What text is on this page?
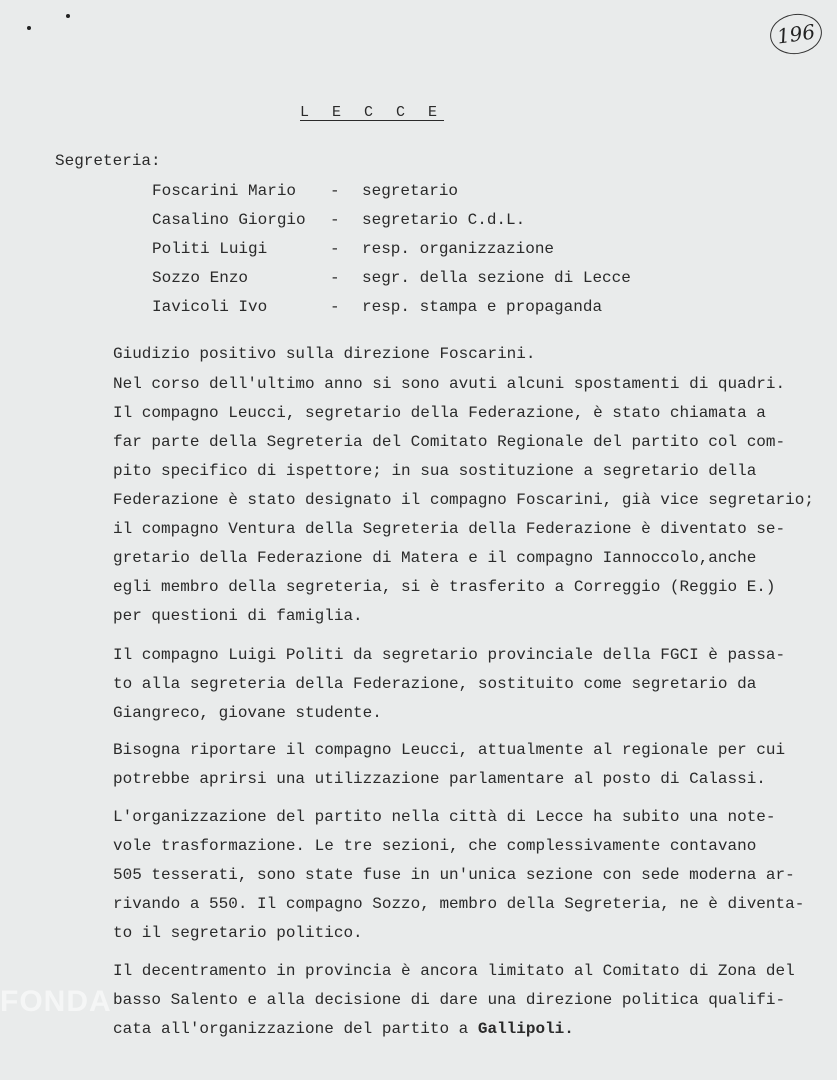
196
L E C C E
Segreteria:
Foscarini Mario - segretario
Casalino Giorgio - segretario C.d.L.
Politi Luigi	- resp. organizzazione
Sozzo Enzo	- segr. della sezione di Lecce
Iavicoli Ivo	- resp. stampa e propaganda
Giudizio positivo sulla direzione Foscarini.
Nel corso dell'ultimo anno si sono avuti alcuni spostamenti di quadri.
Il compagno Leucci, segretario della Federazione, è stato chiamata a
far parte della Segreteria del Comitato Regionale del partito col com-
pito specifico di ispettore; in sua sostituzione a segretario della
Federazione è stato designato il compagno Foscarini, già vice segretario;
il compagno Ventura della Segreteria della Federazione è diventato se-
gretario della Federazione di Matera e il compagno Iannoccolo,anche
egli membro della segreteria, si è trasferito a Correggio (Reggio E.)
per questioni di famiglia.
Il compagno Luigi Politi da segretario provinciale della FGCI è passa-
to alla segreteria della Federazione, sostituito come segretario da
Giangreco, giovane studente.
Bisogna riportare il compagno Leucci, attualmente al regionale per cui
potrebbe aprirsi una utilizzazione parlamentare al posto di Calassi.
L'organizzazione del partito nella città di Lecce ha subito una note-
vole trasformazione. Le tre sezioni, che complessivamente contavano
505 tesserati, sono state fuse in un'unica sezione con sede moderna ar-
rivando a 550. Il compagno Sozzo, membro della Segreteria, ne è diventa-
to il segretario politico.
Il decentramento in provincia è ancora limitato al Comitato di Zona del
basso Salento e alla decisione di dare una direzione politica qualifi-
cata all'organizzazione del partito a Gallipoli.
FONDA
